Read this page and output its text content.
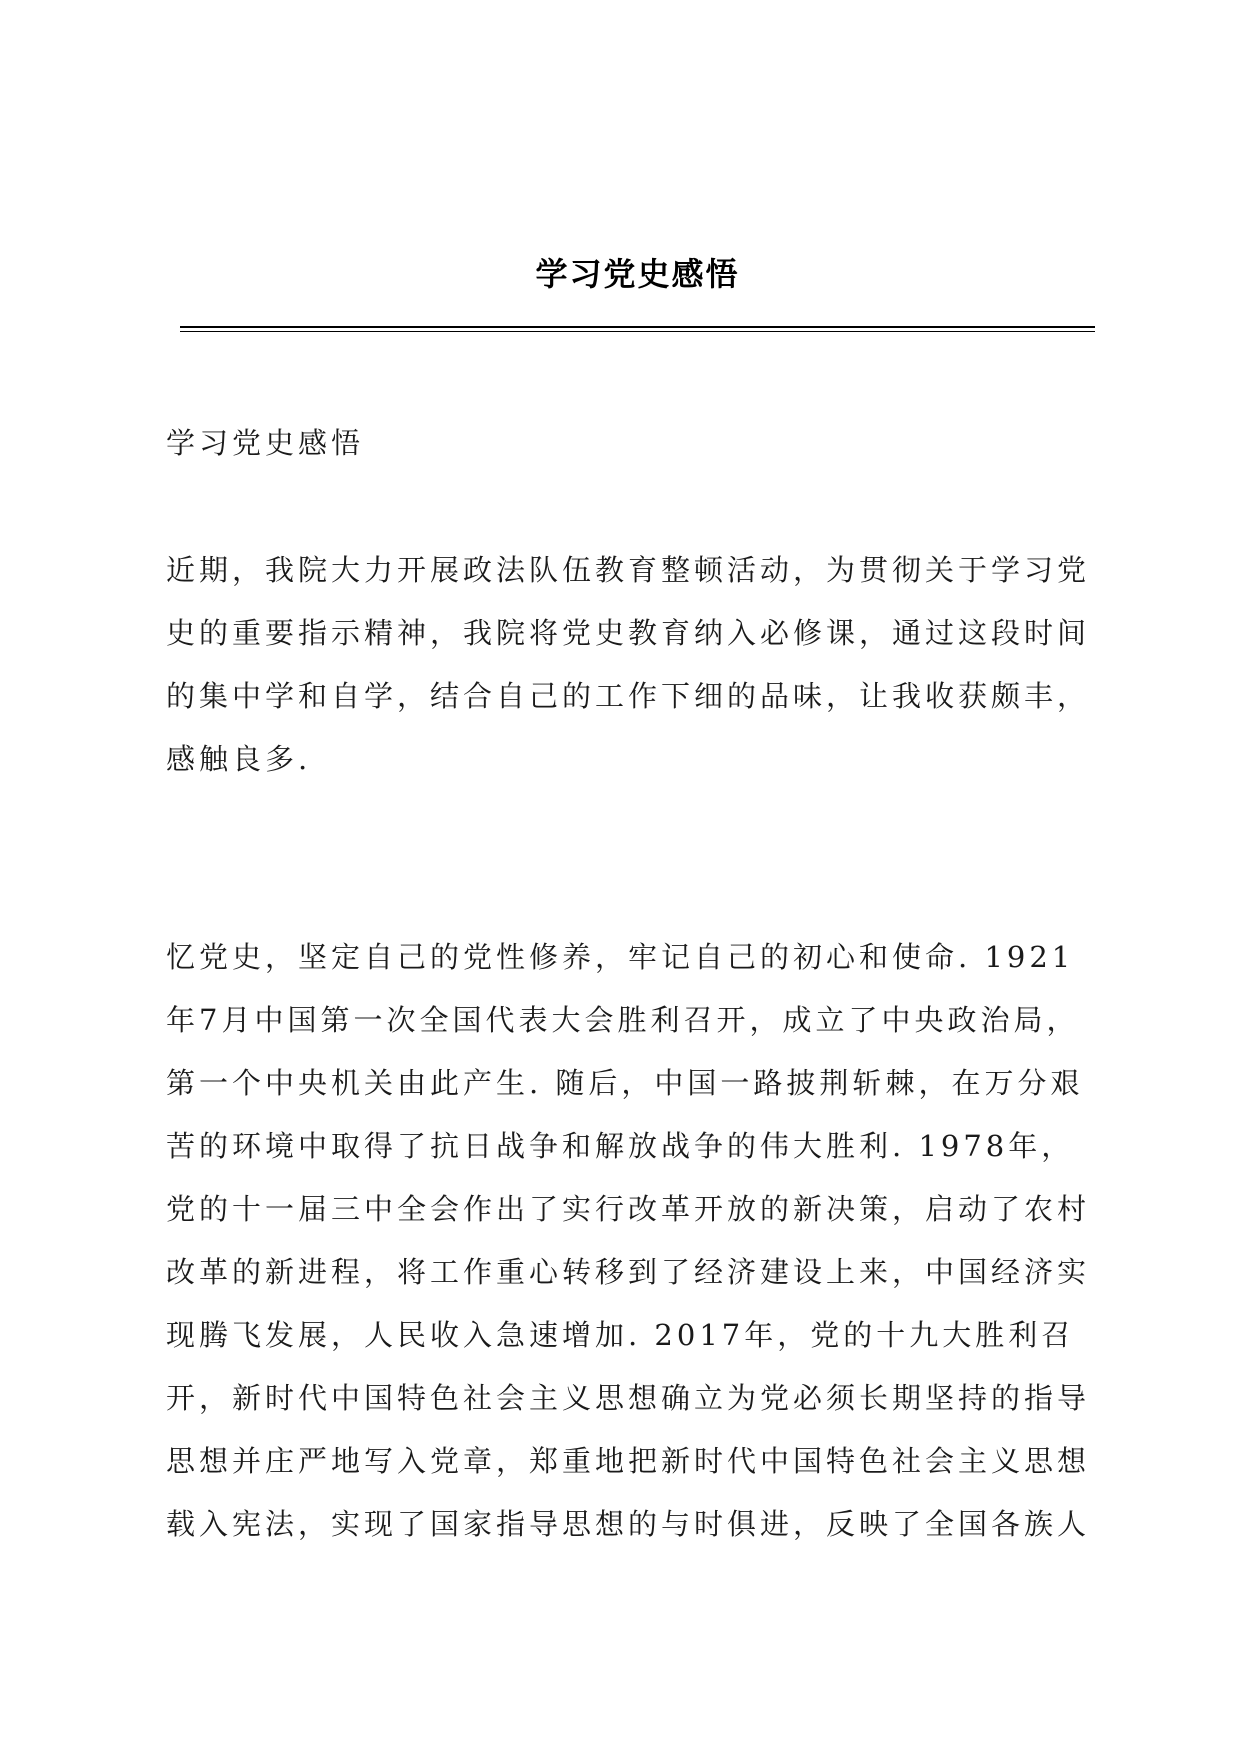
学习党史感悟

学习党史感悟

近期，我院大力开展政法队伍教育整顿活动，为贯彻关于学习党史的重要指示精神，我院将党史教育纳入必修课，通过这段时间的集中学和自学，结合自己的工作下细的品味，让我收获颇丰，感触良多.

忆党史，坚定自己的党性修养，牢记自己的初心和使命. 1921年7月中国第一次全国代表大会胜利召开，成立了中央政治局，第一个中央机关由此产生. 随后，中国一路披荆斩棘，在万分艰苦的环境中取得了抗日战争和解放战争的伟大胜利. 1978年，党的十一届三中全会作出了实行改革开放的新决策，启动了农村改革的新进程，将工作重心转移到了经济建设上来，中国经济实现腾飞发展，人民收入急速增加. 2017年，党的十九大胜利召开，新时代中国特色社会主义思想确立为党必须长期坚持的指导思想并庄严地写入党章，郑重地把新时代中国特色社会主义思想载入宪法，实现了国家指导思想的与时俱进，反映了全国各族人
